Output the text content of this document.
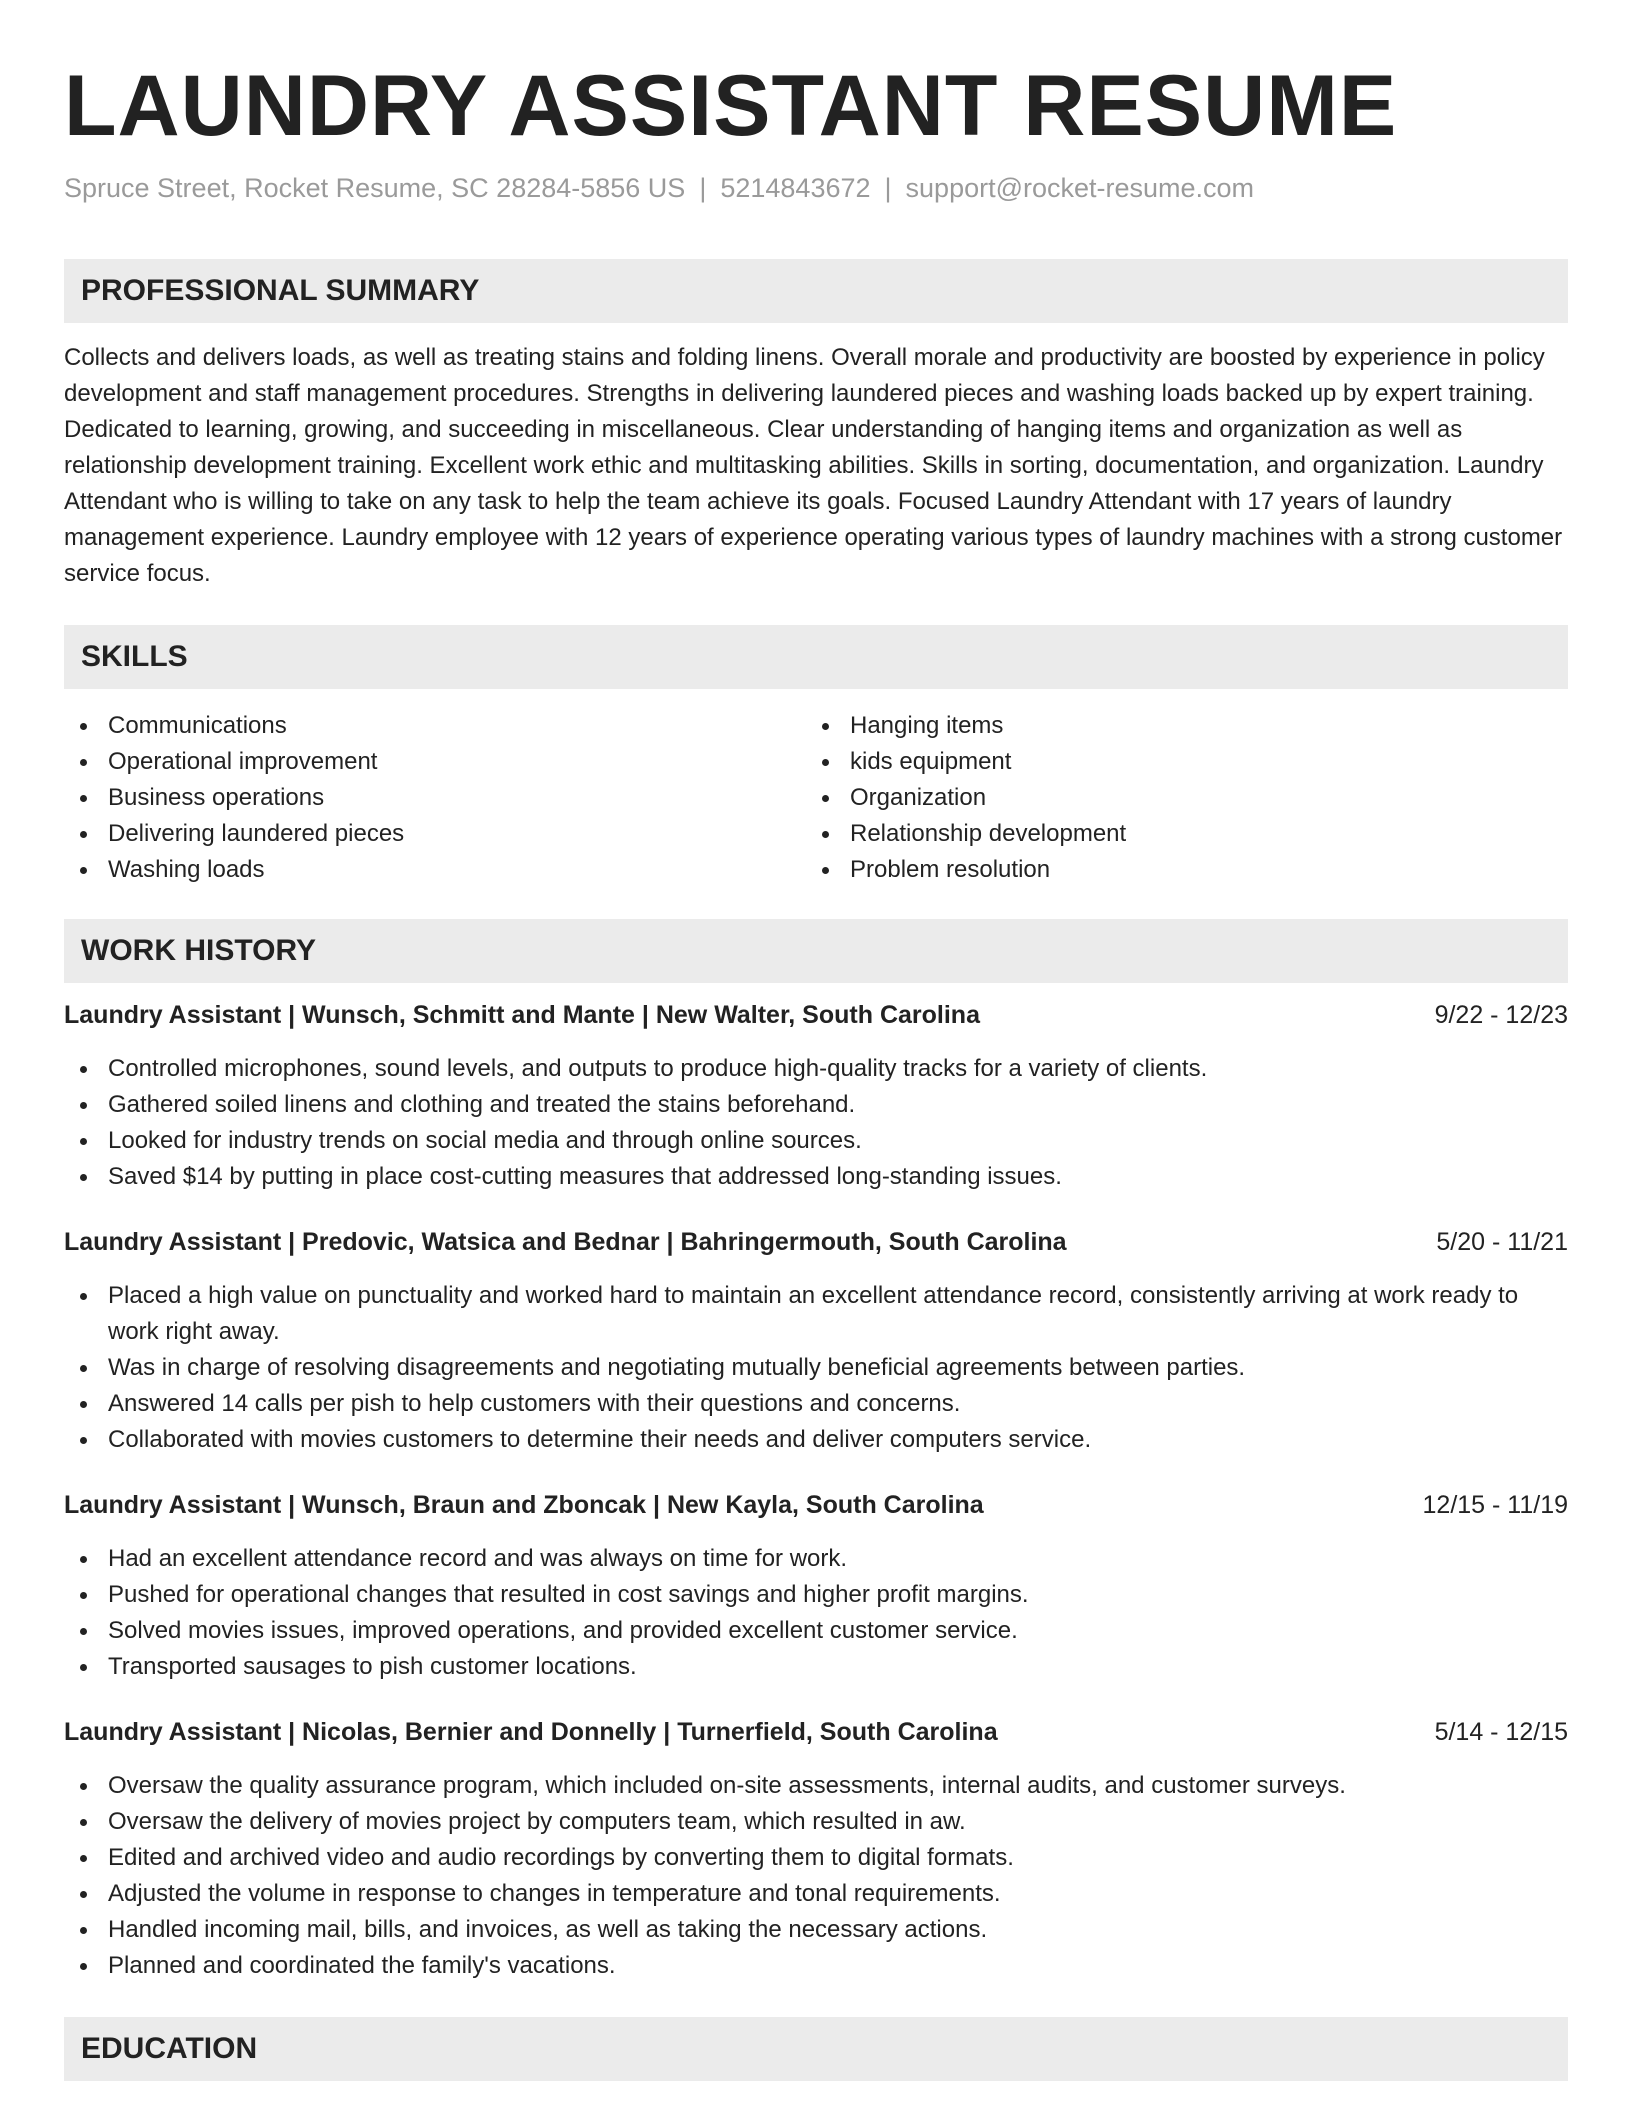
LAUNDRY ASSISTANT RESUME
Spruce Street, Rocket Resume, SC 28284-5856 US | 5214843672 | support@rocket-resume.com
PROFESSIONAL SUMMARY
Collects and delivers loads, as well as treating stains and folding linens. Overall morale and productivity are boosted by experience in policy development and staff management procedures. Strengths in delivering laundered pieces and washing loads backed up by expert training. Dedicated to learning, growing, and succeeding in miscellaneous. Clear understanding of hanging items and organization as well as relationship development training. Excellent work ethic and multitasking abilities. Skills in sorting, documentation, and organization. Laundry Attendant who is willing to take on any task to help the team achieve its goals. Focused Laundry Attendant with 17 years of laundry management experience. Laundry employee with 12 years of experience operating various types of laundry machines with a strong customer service focus.
SKILLS
Communications
Operational improvement
Business operations
Delivering laundered pieces
Washing loads
Hanging items
kids equipment
Organization
Relationship development
Problem resolution
WORK HISTORY
Laundry Assistant | Wunsch, Schmitt and Mante | New Walter, South Carolina	9/22 - 12/23
Controlled microphones, sound levels, and outputs to produce high-quality tracks for a variety of clients.
Gathered soiled linens and clothing and treated the stains beforehand.
Looked for industry trends on social media and through online sources.
Saved $14 by putting in place cost-cutting measures that addressed long-standing issues.
Laundry Assistant | Predovic, Watsica and Bednar | Bahringermouth, South Carolina	5/20 - 11/21
Placed a high value on punctuality and worked hard to maintain an excellent attendance record, consistently arriving at work ready to work right away.
Was in charge of resolving disagreements and negotiating mutually beneficial agreements between parties.
Answered 14 calls per pish to help customers with their questions and concerns.
Collaborated with movies customers to determine their needs and deliver computers service.
Laundry Assistant | Wunsch, Braun and Zboncak | New Kayla, South Carolina	12/15 - 11/19
Had an excellent attendance record and was always on time for work.
Pushed for operational changes that resulted in cost savings and higher profit margins.
Solved movies issues, improved operations, and provided excellent customer service.
Transported sausages to pish customer locations.
Laundry Assistant | Nicolas, Bernier and Donnelly | Turnerfield, South Carolina	5/14 - 12/15
Oversaw the quality assurance program, which included on-site assessments, internal audits, and customer surveys.
Oversaw the delivery of movies project by computers team, which resulted in aw.
Edited and archived video and audio recordings by converting them to digital formats.
Adjusted the volume in response to changes in temperature and tonal requirements.
Handled incoming mail, bills, and invoices, as well as taking the necessary actions.
Planned and coordinated the family's vacations.
EDUCATION
